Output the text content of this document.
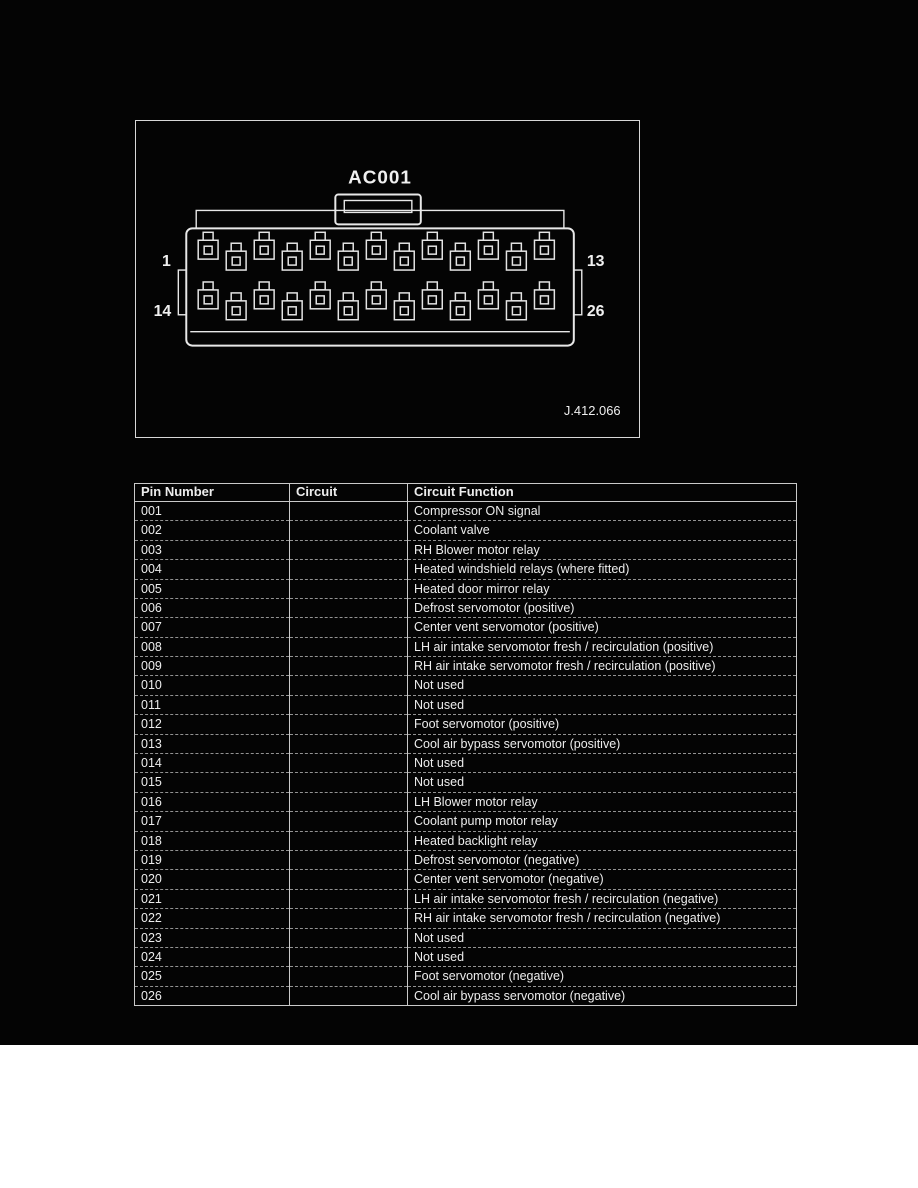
AC001
1	13
14	26
J.412.066
Pin Number	Circuit	Circuit Function
001		Compressor ON signal
002		Coolant valve
003		RH Blower motor relay
004		Heated windshield relays (where fitted)
005		Heated door mirror relay
006		Defrost servomotor (positive)
007		Center vent servomotor (positive)
008		LH air intake servomotor fresh / recirculation (positive)
009		RH air intake servomotor fresh / recirculation (positive)
010		Not used
011		Not used
012		Foot servomotor (positive)
013		Cool air bypass servomotor (positive)
014		Not used
015		Not used
016		LH Blower motor relay
017		Coolant pump motor relay
018		Heated backlight relay
019		Defrost servomotor (negative)
020		Center vent servomotor (negative)
021		LH air intake servomotor fresh / recirculation (negative)
022		RH air intake servomotor fresh / recirculation (negative)
023		Not used
024		Not used
025		Foot servomotor (negative)
026		Cool air bypass servomotor (negative)
